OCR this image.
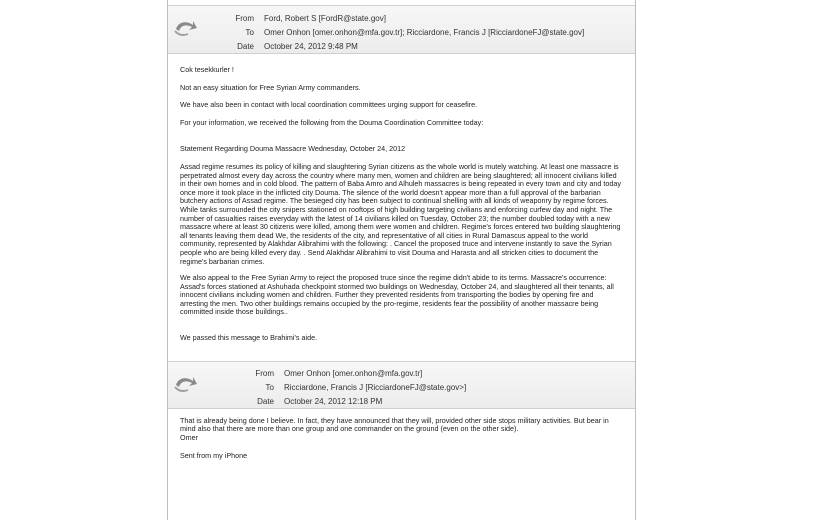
From Ford, Robert S [FordR@state.gov]
To Omer Onhon [omer.onhon@mfa.gov.tr]; Ricciardone, Francis J [RicciardoneFJ@state.gov]
Date October 24, 2012 9:48 PM

Cok tesekkurler !

Not an easy situation for Free Syrian Army commanders.

We have also been in contact with local coordination committees urging support for ceasefire.

For your information, we received the following from the Douma Coordination Committee today:

Statement Regarding Douma Massacre Wednesday, October 24, 2012

Assad regime resumes its policy of killing and slaughtering Syrian citizens as the whole world is mutely watching. At least one massacre is perpetrated almost every day across the country where many men, women and children are being slaughtered; all innocent civilians killed in their own homes and in cold blood. The pattern of Baba Amro and Alhuleh massacres is being repeated in every town and city and today once more it took place in the inflicted city Douma. The silence of the world doesn't appear more than a full approval of the barbarian butchery actions of Assad regime. The besieged city has been subject to continual shelling with all kinds of weaponry by regime forces. While tanks surrounded the city snipers stationed on rooftops of high building targeting civilians and enforcing curfew day and night. The number of casualties raises everyday with the latest of 14 civilians killed on Tuesday, October 23; the number doubled today with a new massacre where at least 30 citizens were killed, among them were women and children. Regime's forces entered two building slaughtering all tenants leaving them dead We, the residents of the city, and representative of all cities in Rural Damascus appeal to the world community, represented by Alakhdar Alibrahimi with the following: . Cancel the proposed truce and intervene instantly to save the Syrian people who are being killed every day. . Send Alakhdar Alibrahimi to visit Douma and Harasta and all stricken cities to document the regime's barbarian crimes.

We also appeal to the Free Syrian Army to reject the proposed truce since the regime didn't abide to its terms. Massacre's occurrence: Assad's forces stationed at Ashuhada checkpoint stormed two buildings on Wednesday, October 24, and slaughtered all their tenants, all innocent civilians including women and children. Further they prevented residents from transporting the bodies by opening fire and arresting the men. Two other buildings remains occupied by the pro-regime, residents fear the possibility of another massacre being committed inside those buildings..

We passed this message to Brahimi's aide.

From Omer Onhon [omer.onhon@mfa.gov.tr]
To Ricciardone, Francis J [RicciardoneFJ@state.gov>]
Date October 24, 2012 12:18 PM

That is already being done I believe. In fact, they have announced that they will, provided other side stops military activities. But bear in mind also that there are more than one group and one commander on the ground (even on the other side).

Omer

Sent from my iPhone
